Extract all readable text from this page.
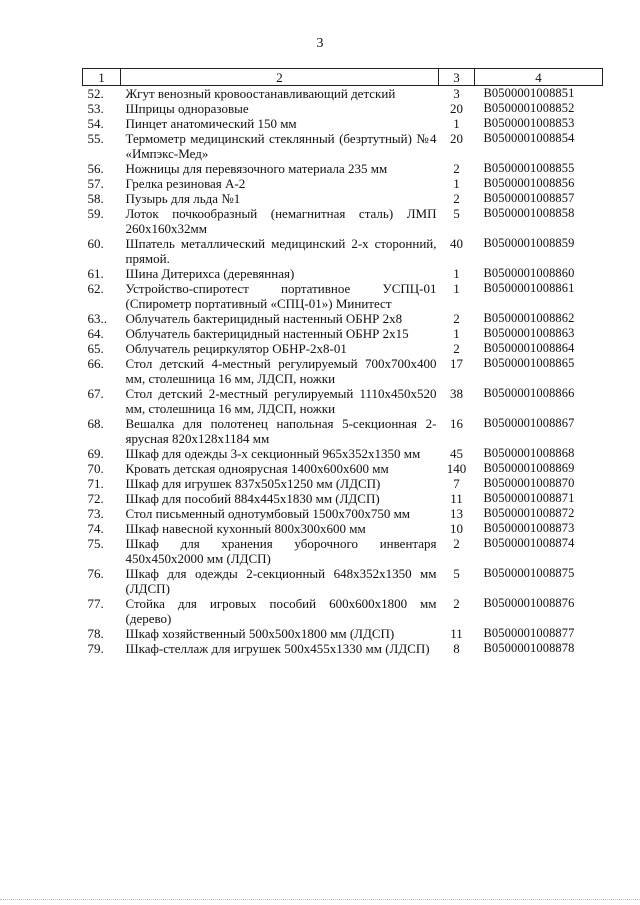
3
1	2	3	4
52.	Жгут венозный кровоостанавливающий детский	3	B0500001008851
53.	Шприцы одноразовые	20	B0500001008852
54.	Пинцет анатомический 150 мм	1	B0500001008853
55.	Термометр медицинский стеклянный (безртутный) №4 «Импэкс-Мед»	20	B0500001008854
56.	Ножницы для перевязочного материала 235 мм	2	B0500001008855
57.	Грелка резиновая А-2	1	B0500001008856
58.	Пузырь для льда №1	2	B0500001008857
59.	Лоток почкообразный (немагнитная сталь) ЛМП 260х160х32мм	5	B0500001008858
60.	Шпатель металлический медицинский 2-х сторонний, прямой.	40	B0500001008859
61.	Шина Дитерихса (деревянная)	1	B0500001008860
62.	Устройство-спиротест портативное УСПЦ-01 (Спирометр портативный «СПЦ-01») Минитест	1	B0500001008861
63..	Облучатель бактерицидный настенный ОБНР 2х8	2	B0500001008862
64.	Облучатель бактерицидный настенный ОБНР 2х15	1	B0500001008863
65.	Облучатель рециркулятор ОБНР-2х8-01	2	B0500001008864
66.	Стол детский 4-местный регулируемый 700х700х400 мм, столешница 16 мм, ЛДСП, ножки	17	B0500001008865
67.	Стол детский 2-местный регулируемый 1110х450х520 мм, столешница 16 мм, ЛДСП, ножки	38	B0500001008866
68.	Вешалка для полотенец напольная 5-секционная 2-ярусная 820х128х1184 мм	16	B0500001008867
69.	Шкаф для одежды 3-х секционный 965х352х1350 мм	45	B0500001008868
70.	Кровать детская одноярусная 1400х600х600 мм	140	B0500001008869
71.	Шкаф для игрушек 837х505х1250 мм (ЛДСП)	7	B0500001008870
72.	Шкаф для пособий 884х445х1830 мм (ЛДСП)	11	B0500001008871
73.	Стол письменный однотумбовый 1500х700х750 мм	13	B0500001008872
74.	Шкаф навесной кухонный 800х300х600 мм	10	B0500001008873
75.	Шкаф для хранения уборочного инвентаря 450х450х2000 мм (ЛДСП)	2	B0500001008874
76.	Шкаф для одежды 2-секционный 648х352х1350 мм (ЛДСП)	5	B0500001008875
77.	Стойка для игровых пособий 600х600х1800 мм (дерево)	2	B0500001008876
78.	Шкаф хозяйственный 500х500х1800 мм (ЛДСП)	11	B0500001008877
79.	Шкаф-стеллаж для игрушек 500х455х1330 мм (ЛДСП)	8	B0500001008878
